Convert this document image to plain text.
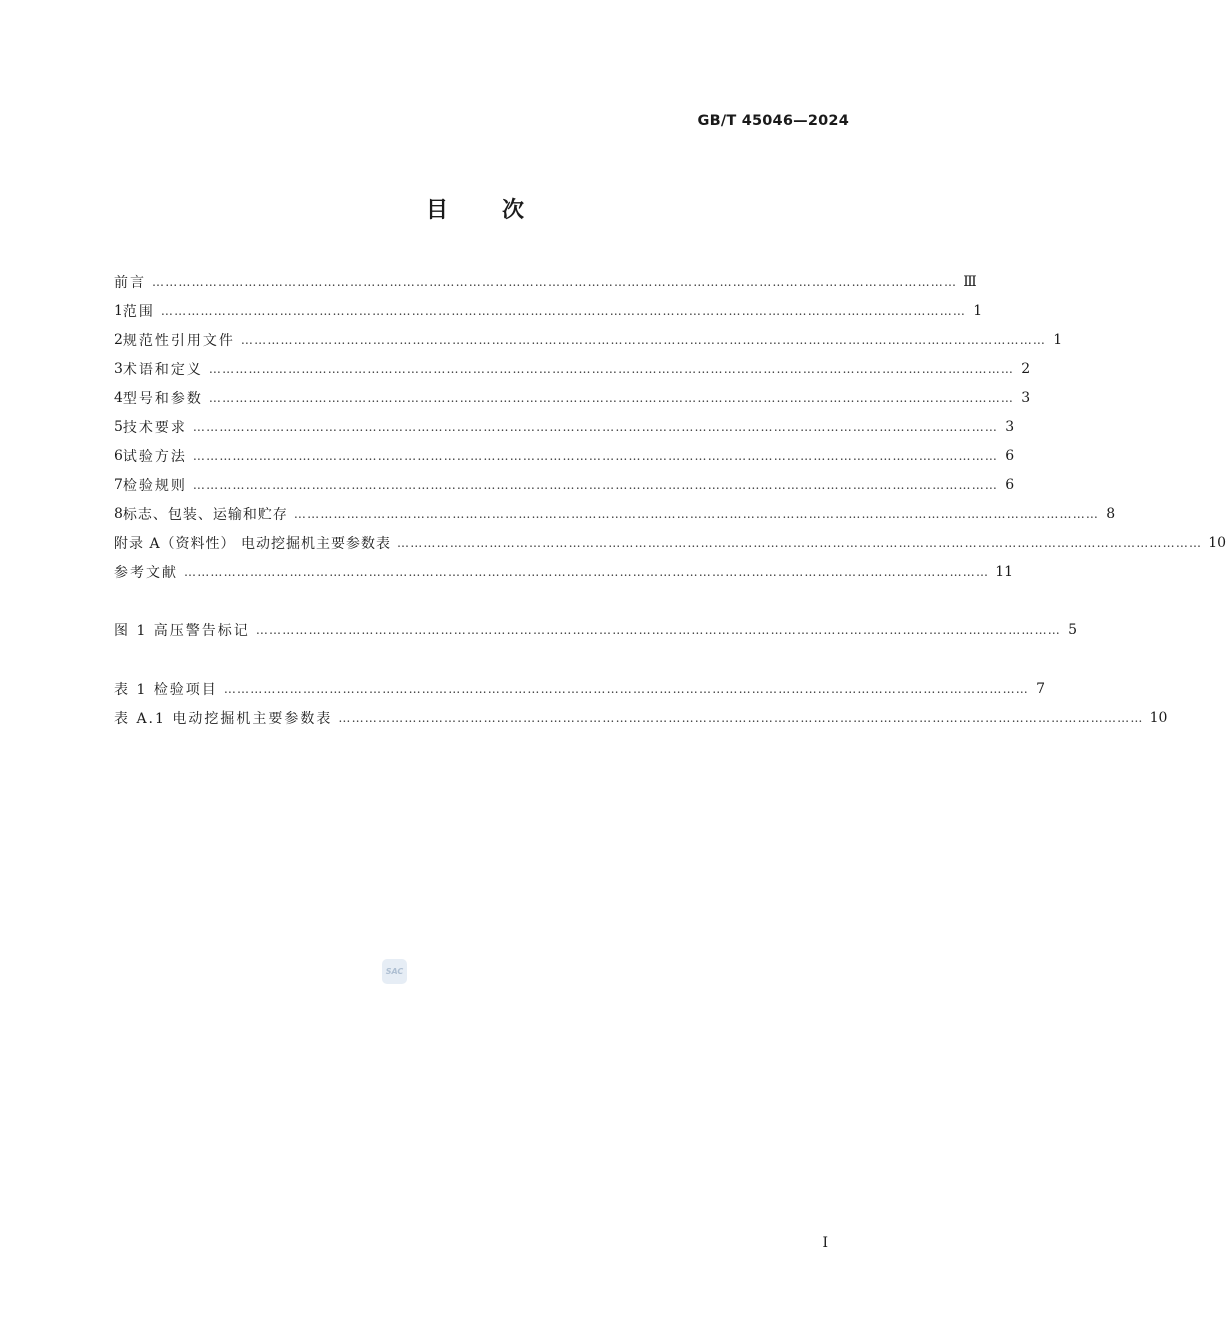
GB/T 45046—2024
目次
前言 ………………………………………………………………………………………………………………………………………………………………… Ⅲ
1 范围 ………………………………………………………………………………………………………………………………………………………………… 1
2 规范性引用文件 ………………………………………………………………………………………………………………………………………………………………… 1
3 术语和定义 ………………………………………………………………………………………………………………………………………………………………… 2
4 型号和参数 ………………………………………………………………………………………………………………………………………………………………… 3
5 技术要求 ………………………………………………………………………………………………………………………………………………………………… 3
6 试验方法 ………………………………………………………………………………………………………………………………………………………………… 6
7 检验规则 ………………………………………………………………………………………………………………………………………………………………… 6
8 标志、包装、运输和贮存 ………………………………………………………………………………………………………………………………………………………………… 8
附录 A（资料性） 电动挖掘机主要参数表 ………………………………………………………………………………………………………………………………………………………………… 10
参考文献 ………………………………………………………………………………………………………………………………………………………………… 11
图 1 高压警告标记 ………………………………………………………………………………………………………………………………………………………………… 5
表 1 检验项目 ………………………………………………………………………………………………………………………………………………………………… 7
表 A.1 电动挖掘机主要参数表 ………………………………………………………………………………………………………………………………………………………………… 10
SAC
I
